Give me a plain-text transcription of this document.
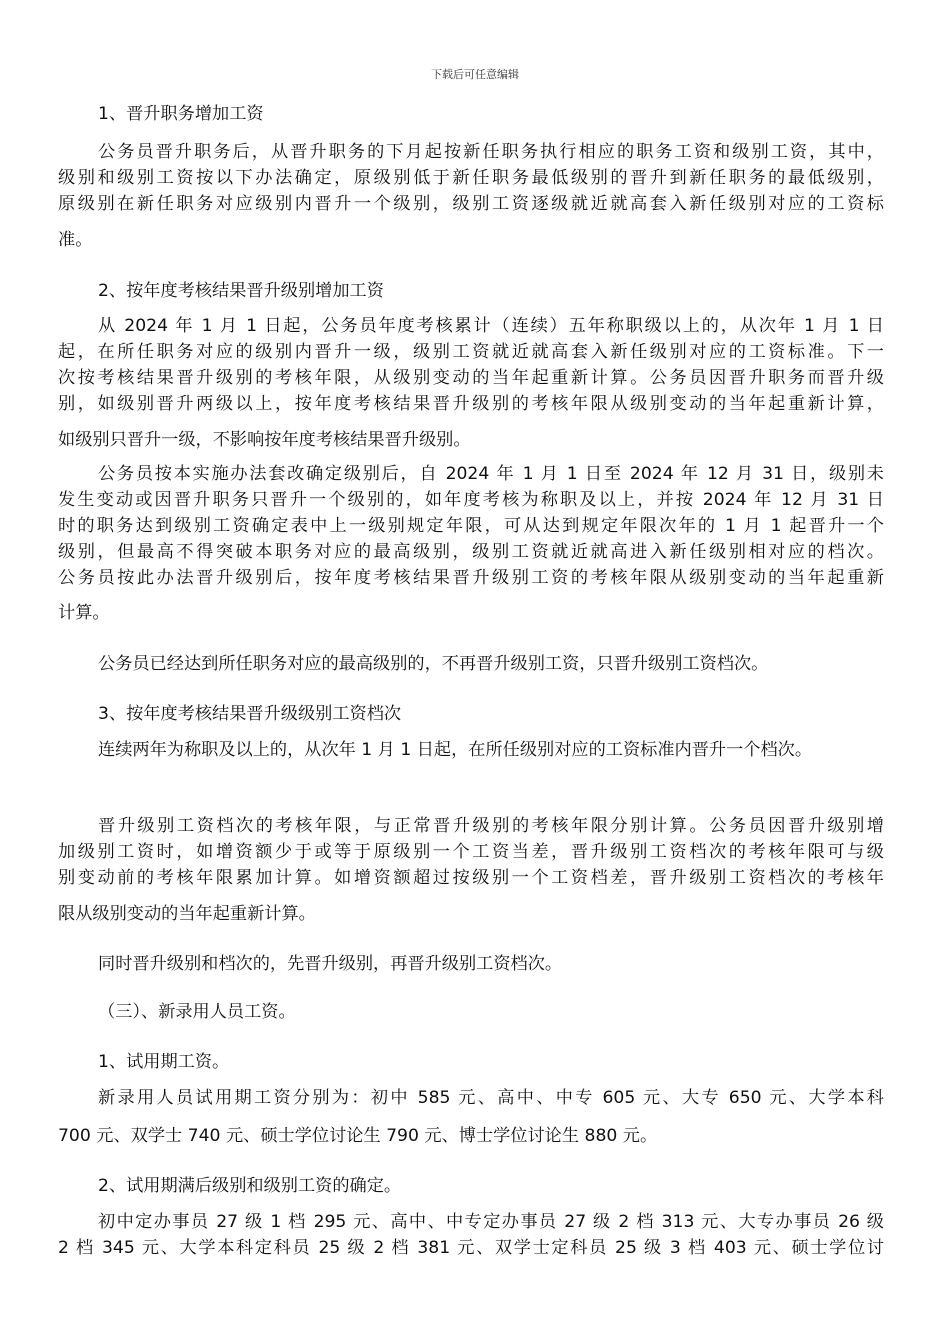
下载后可任意编辑
1、晋升职务增加工资
公务员晋升职务后，从晋升职务的下月起按新任职务执行相应的职务工资和级别工资，其中，
级别和级别工资按以下办法确定，原级别低于新任职务最低级别的晋升到新任职务的最低级别，
原级别在新任职务对应级别内晋升一个级别，级别工资逐级就近就高套入新任级别对应的工资标
准。
2、按年度考核结果晋升级别增加工资
从 2024 年 1 月 1 日起，公务员年度考核累计（连续）五年称职级以上的，从次年 1 月 1 日
起，在所任职务对应的级别内晋升一级，级别工资就近就高套入新任级别对应的工资标准。下一
次按考核结果晋升级别的考核年限，从级别变动的当年起重新计算。公务员因晋升职务而晋升级
别，如级别晋升两级以上，按年度考核结果晋升级别的考核年限从级别变动的当年起重新计算，
如级别只晋升一级，不影响按年度考核结果晋升级别。
公务员按本实施办法套改确定级别后，自 2024 年 1 月 1 日至 2024 年 12 月 31 日，级别未
发生变动或因晋升职务只晋升一个级别的，如年度考核为称职及以上，并按 2024 年 12 月 31 日
时的职务达到级别工资确定表中上一级别规定年限，可从达到规定年限次年的 1 月 1 起晋升一个
级别，但最高不得突破本职务对应的最高级别，级别工资就近就高进入新任级别相对应的档次。
公务员按此办法晋升级别后，按年度考核结果晋升级别工资的考核年限从级别变动的当年起重新
计算。
公务员已经达到所任职务对应的最高级别的，不再晋升级别工资，只晋升级别工资档次。
3、按年度考核结果晋升级级别工资档次
连续两年为称职及以上的，从次年 1 月 1 日起，在所任级别对应的工资标准内晋升一个档次。
晋升级别工资档次的考核年限，与正常晋升级别的考核年限分别计算。公务员因晋升级别增
加级别工资时，如增资额少于或等于原级别一个工资当差，晋升级别工资档次的考核年限可与级
别变动前的考核年限累加计算。如增资额超过按级别一个工资档差，晋升级别工资档次的考核年
限从级别变动的当年起重新计算。
同时晋升级别和档次的，先晋升级别，再晋升级别工资档次。
（三）、新录用人员工资。
1、试用期工资。
新录用人员试用期工资分别为：初中 585 元、高中、中专 605 元、大专 650 元、大学本科
700 元、双学士 740 元、硕士学位讨论生 790 元、博士学位讨论生 880 元。
2、试用期满后级别和级别工资的确定。
初中定办事员 27 级 1 档 295 元、高中、中专定办事员 27 级 2 档 313 元、大专办事员 26 级
2 档 345 元、大学本科定科员 25 级 2 档 381 元、双学士定科员 25 级 3 档 403 元、硕士学位讨
